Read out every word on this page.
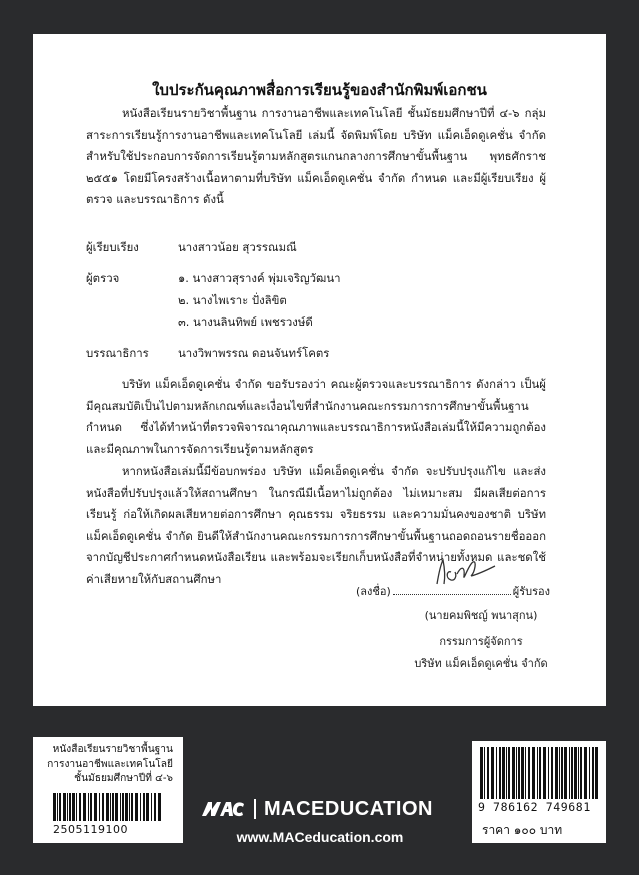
ใบประกันคุณภาพสื่อการเรียนรู้ของสำนักพิมพ์เอกชน

หนังสือเรียนรายวิชาพื้นฐาน การงานอาชีพและเทคโนโลยี ชั้นมัธยมศึกษาปีที่ ๔-๖ กลุ่มสาระการเรียนรู้การงานอาชีพและเทคโนโลยี เล่มนี้ จัดพิมพ์โดย บริษัท แม็คเอ็ดดูเคชั่น จำกัด สำหรับใช้ประกอบการจัดการเรียนรู้ตามหลักสูตรแกนกลางการศึกษาขั้นพื้นฐาน พุทธศักราช ๒๕๕๑ โดยมีโครงสร้างเนื้อหาตามที่บริษัท แม็คเอ็ดดูเคชั่น จำกัด กำหนด และมีผู้เรียบเรียง ผู้ตรวจ และบรรณาธิการ ดังนี้

ผู้เรียบเรียง	นางสาวน้อย สุวรรณมณี
ผู้ตรวจ	๑. นางสาวสุรางค์ พุ่มเจริญวัฒนา
๒. นางไพเราะ ปั่งลิขิต
๓. นางนลินทิพย์ เพชรวงษ์ดี
บรรณาธิการ	นางวิพาพรรณ ดอนจันทร์โคตร

บริษัท แม็คเอ็ดดูเคชั่น จำกัด ขอรับรองว่า คณะผู้ตรวจและบรรณาธิการ ดังกล่าว เป็นผู้มีคุณสมบัติเป็นไปตามหลักเกณฑ์และเงื่อนไขที่สำนักงานคณะกรรมการการศึกษาขั้นพื้นฐานกำหนด ซึ่งได้ทำหน้าที่ตรวจพิจารณาคุณภาพและบรรณาธิการหนังสือเล่มนี้ให้มีความถูกต้องและมีคุณภาพในการจัดการเรียนรู้ตามหลักสูตร

หากหนังสือเล่มนี้มีข้อบกพร่อง บริษัท แม็คเอ็ดดูเคชั่น จำกัด จะปรับปรุงแก้ไข และส่งหนังสือที่ปรับปรุงแล้วให้สถานศึกษา ในกรณีมีเนื้อหาไม่ถูกต้อง ไม่เหมาะสม มีผลเสียต่อการเรียนรู้ ก่อให้เกิดผลเสียหายต่อการศึกษา คุณธรรม จริยธรรม และความมั่นคงของชาติ บริษัท แม็คเอ็ดดูเคชั่น จำกัด ยินดีให้สำนักงานคณะกรรมการการศึกษาขั้นพื้นฐานถอดถอนรายชื่อออกจากบัญชีประกาศกำหนดหนังสือเรียน และพร้อมจะเรียกเก็บหนังสือที่จำหน่ายทั้งหมด และชดใช้ค่าเสียหายให้กับสถานศึกษา

(ลงชื่อ)	ผู้รับรอง
(นายคมพิชญ์ พนาสุกน)
กรรมการผู้จัดการ
บริษัท แม็คเอ็ดดูเคชั่น จำกัด
หนังสือเรียนรายวิชาพื้นฐาน
การงานอาชีพและเทคโนโลยี
ชั้นมัธยมศึกษาปีที่ ๔-๖
2505119100
MACEDUCATION
www.MACeducation.com
9 786162 749681
ราคา ๑๐๐ บาท
